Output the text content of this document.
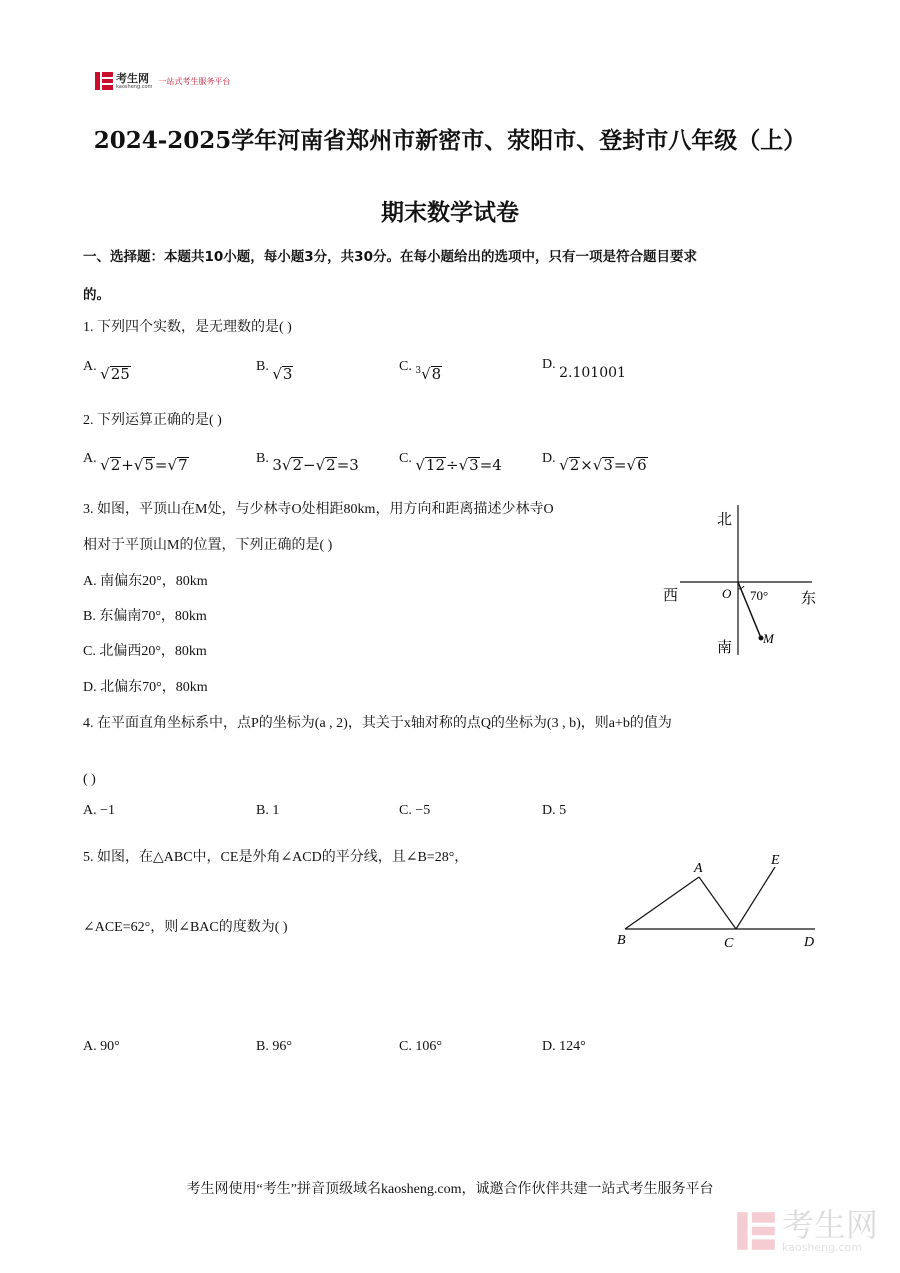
考生网
kaosheng.com
一站式考生服务平台
2024-2025学年河南省郑州市新密市、荥阳市、登封市八年级（上）
期末数学试卷
一、选择题：本题共10小题，每小题3分，共30分。在每小题给出的选项中，只有一项是符合题目要求
的。
1. 下列四个实数，是无理数的是( )
A. √25	B. √3	C. $^3$√8
D. 2.101001
2. 下列运算正确的是( )
A. √2+√5=√7	B. 3√2−√2=3	C. √12÷√3=4	D. √2×√3=√6
3. 如图，平顶山在M处，与少林寺O处相距80km，用方向和距离描述少林寺O
相对于平顶山M的位置，下列正确的是( )
A. 南偏东20°，80km
B. 东偏南70°，80km
C. 北偏西20°，80km
D. 北偏东70°，80km
北
南
西	东
O 70°
M
4. 在平面直角坐标系中，点P的坐标为(a , 2)，其关于x轴对称的点Q的坐标为(3 , b)，则a+b的值为
( )
A. −1	B. 1	C. −5	D. 5
5. 如图，在△ABC中，CE是外角∠ACD的平分线，且∠B=28°，
∠ACE=62°，则∠BAC的度数为( )
A
B	C	D
E
A. 90°	B. 96°	C. 106°	D. 124°
考生网使用“考生”拼音顶级域名kaosheng.com，诚邀合作伙伴共建一站式考生服务平台
考生网
kaosheng.com
